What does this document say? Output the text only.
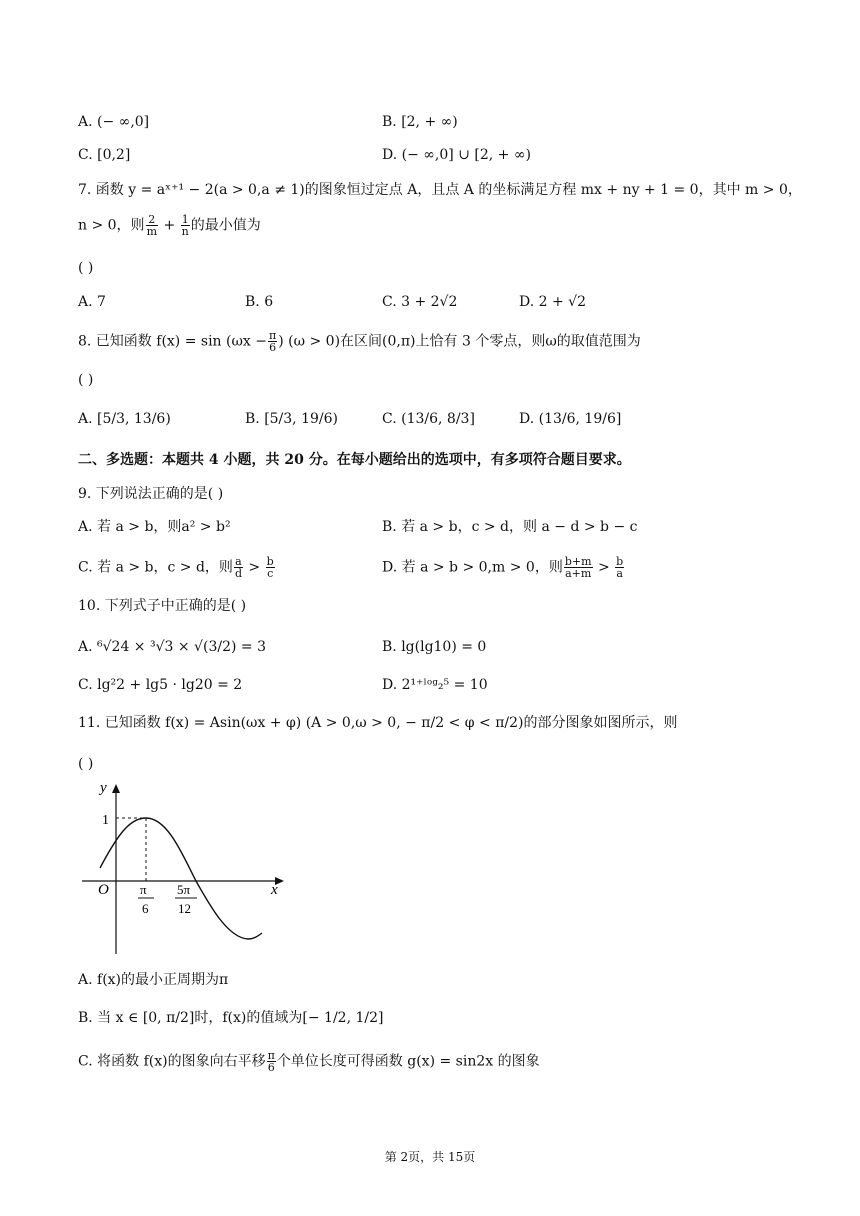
A. (− ∞,0]	B. [2, + ∞)
C. [0,2]	D. (− ∞,0] ∪ [2, + ∞)
7. 函数 y = aˣ⁺¹ − 2(a > 0,a ≠ 1)的图象恒过定点 A，且点 A 的坐标满足方程 mx + ny + 1 = 0，其中 m > 0，
n > 0，则 $\frac{2}{m} + \frac{1}{n}$ 的最小值为
( )
A. 7	B. 6	C. 3 + 2√2	D. 2 + √2
8. 已知函数 $f(x) = \sin (\omega x - \frac{\pi}{6}$ ) (ω > 0)在区间(0,π)上恰有 3 个零点，则ω的取值范围为
( )
A. [5/3, 13/6)	B. [5/3, 19/6)	C. (13/6, 8/3]	D. (13/6, 19/6]
二、多选题：本题共 4 小题，共 20 分。在每小题给出的选项中，有多项符合题目要求。
9. 下列说法正确的是( )
A. 若 a > b，则a² > b²	B. 若 a > b，c > d，则 a − d > b − c
C. 若 a > b，c > d，则 $\frac{a}{d} > \frac{b}{c}$	D. 若 a > b > 0,m > 0，则 $\frac{b+m}{a+m} > \frac{b}{a}$
10. 下列式子中正确的是( )
A. ⁶√24 × ³√3 × √(3/2) = 3	B. lg(lg10) = 0
C. lg²2 + lg5 · lg20 = 2	D. 2¹⁺ˡᵒᵍ₂⁵ = 10
11. 已知函数 f(x) = Asin(ωx + φ) (A > 0,ω > 0, − π/2 < φ < π/2)的部分图象如图所示，则
( )
y
x
O
1
π
6
5π
12
A. f(x)的最小正周期为π
B. 当 x ∈ [0, π/2]时，f(x)的值域为[− 1/2, 1/2]
C. 将函数 f(x)的图象向右平移 $\frac{\pi}{6}$ 个单位长度可得函数 g(x) = sin2x 的图象
第 2页，共 15页
